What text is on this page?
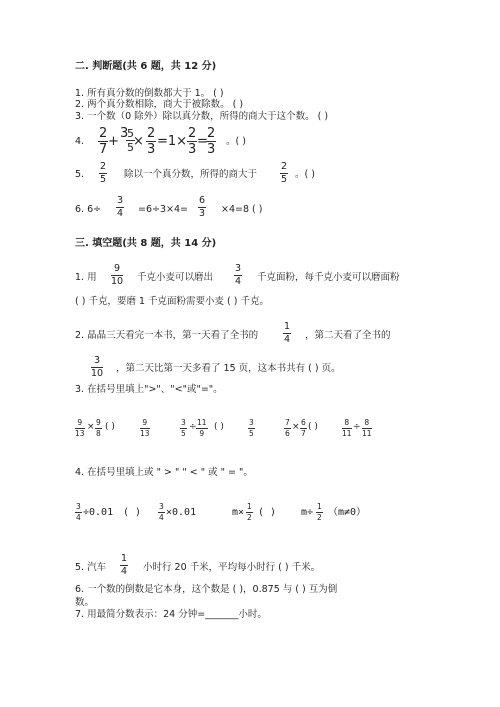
二. 判断题(共 6 题，共 12 分)
1. 所有真分数的倒数都大于 1。 ( )
2. 两个真分数相除，商大于被除数。 ( )
3. 一个数（0 除外）除以真分数，所得的商大于这个数。 ( )
4. $\frac{2}{7}$ +
3
$\frac{5}{5}$
× $\frac{2}{3} =1\times \frac{2}{3}$ =
$\frac{2}{3}$ 。( )
5. $\frac{2}{5}$ 除以一个真分数，所得的商大于 $\frac{2}{5}$ 。( )
6. $6\div \frac{3}{4} =6\div 3\times 4= \frac{6}{3} \times 4=8$ ( )
三. 填空题(共 8 题，共 14 分)
1. 用 $\frac{9}{10}$ 千克小麦可以磨出 $\frac{3}{4}$ 千克面粉，每千克小麦可以磨面粉
( ) 千克，要磨 1 千克面粉需要小麦 ( ) 千克。
2. 晶晶三天看完一本书，第一天看了全书的	$\frac{1}{4}$ ，第二天看了全书的
$\frac{3}{10}$ ，第二天比第一天多看了 15 页，这本书共有 ( ) 页。
3. 在括号里填上">"、"<"或"="。
$\frac{9}{13} \times \frac{9}{8}$ ( )	$\frac{9}{13}$	$\frac{3}{5} \div \frac{11}{9}$ ( )	$\frac{3}{5}$	$\frac{7}{6} \times \frac{6}{7}$ ( )	$\frac{8}{11} \div \frac{8}{11}$
4. 在括号里填上或 " > " " < " 或 " = "。
$\frac{3}{4} \div 0.01$ ( ) $\frac{3}{4} \times 0.01$	$m\times \frac{1}{2}$ ( ) $m\div \frac{1}{2} (m\ne 0)$
5. 汽车 $\frac{1}{4}$ 小时行 20 千米，平均每小时行 ( ) 千米。
6. 一个数的倒数是它本身，这个数是 ( )，0.875 与 ( ) 互为倒
数。
7. 用最简分数表示：24 分钟=_______小时。
